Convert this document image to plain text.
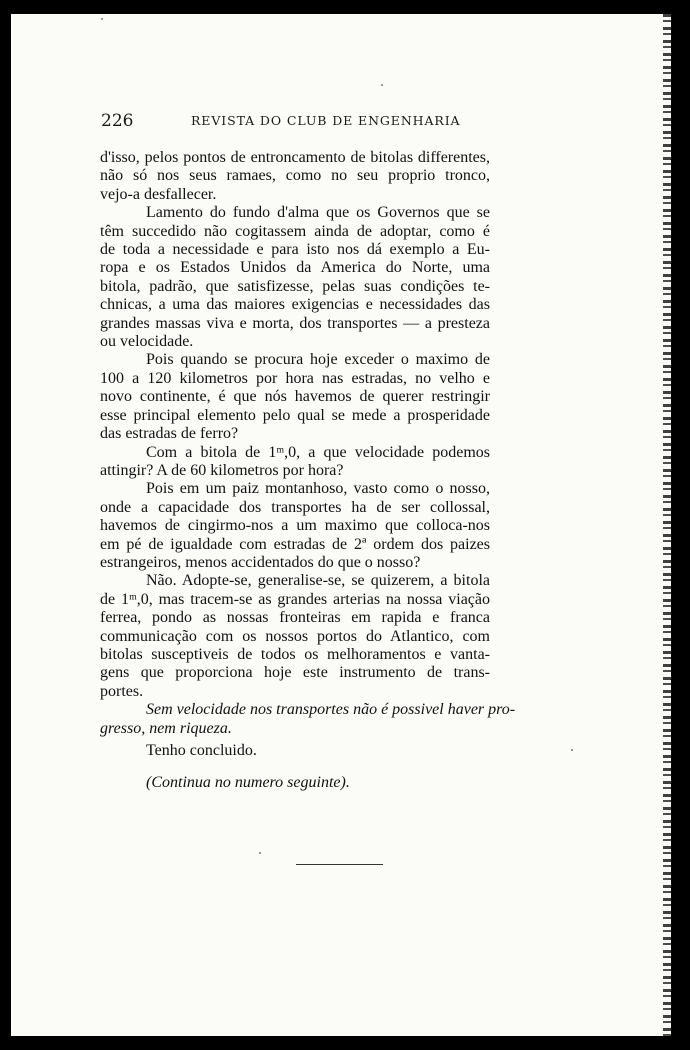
226	REVISTA DO CLUB DE ENGENHARIA
d'isso, pelos pontos de entroncamento de bitolas differentes,
não só nos seus ramaes, como no seu proprio tronco,
vejo-a desfallecer.
Lamento do fundo d'alma que os Governos que se
têm succedido não cogitassem ainda de adoptar, como é
de toda a necessidade e para isto nos dá exemplo a Eu-
ropa e os Estados Unidos da America do Norte, uma
bitola, padrão, que satisfizesse, pelas suas condições te-
chnicas, a uma das maiores exigencias e necessidades das
grandes massas viva e morta, dos transportes — a presteza
ou velocidade.
Pois quando se procura hoje exceder o maximo de
100 a 120 kilometros por hora nas estradas, no velho e
novo continente, é que nós havemos de querer restringir
esse principal elemento pelo qual se mede a prosperidade
das estradas de ferro?
Com a bitola de 1ᵐ,0, a que velocidade podemos
attingir? A de 60 kilometros por hora?
Pois em um paiz montanhoso, vasto como o nosso,
onde a capacidade dos transportes ha de ser collossal,
havemos de cingirmo-nos a um maximo que colloca-nos
em pé de igualdade com estradas de 2ª ordem dos paizes
estrangeiros, menos accidentados do que o nosso?
Não. Adopte-se, generalise-se, se quizerem, a bitola
de 1ᵐ,0, mas tracem-se as grandes arterias na nossa viação
ferrea, pondo as nossas fronteiras em rapida e franca
communicação com os nossos portos do Atlantico, com
bitolas susceptiveis de todos os melhoramentos e vanta-
gens que proporciona hoje este instrumento de trans-
portes.
Sem velocidade nos transportes não é possivel haver pro-
gresso, nem riqueza.
Tenho concluido.
(Continua no numero seguinte).
